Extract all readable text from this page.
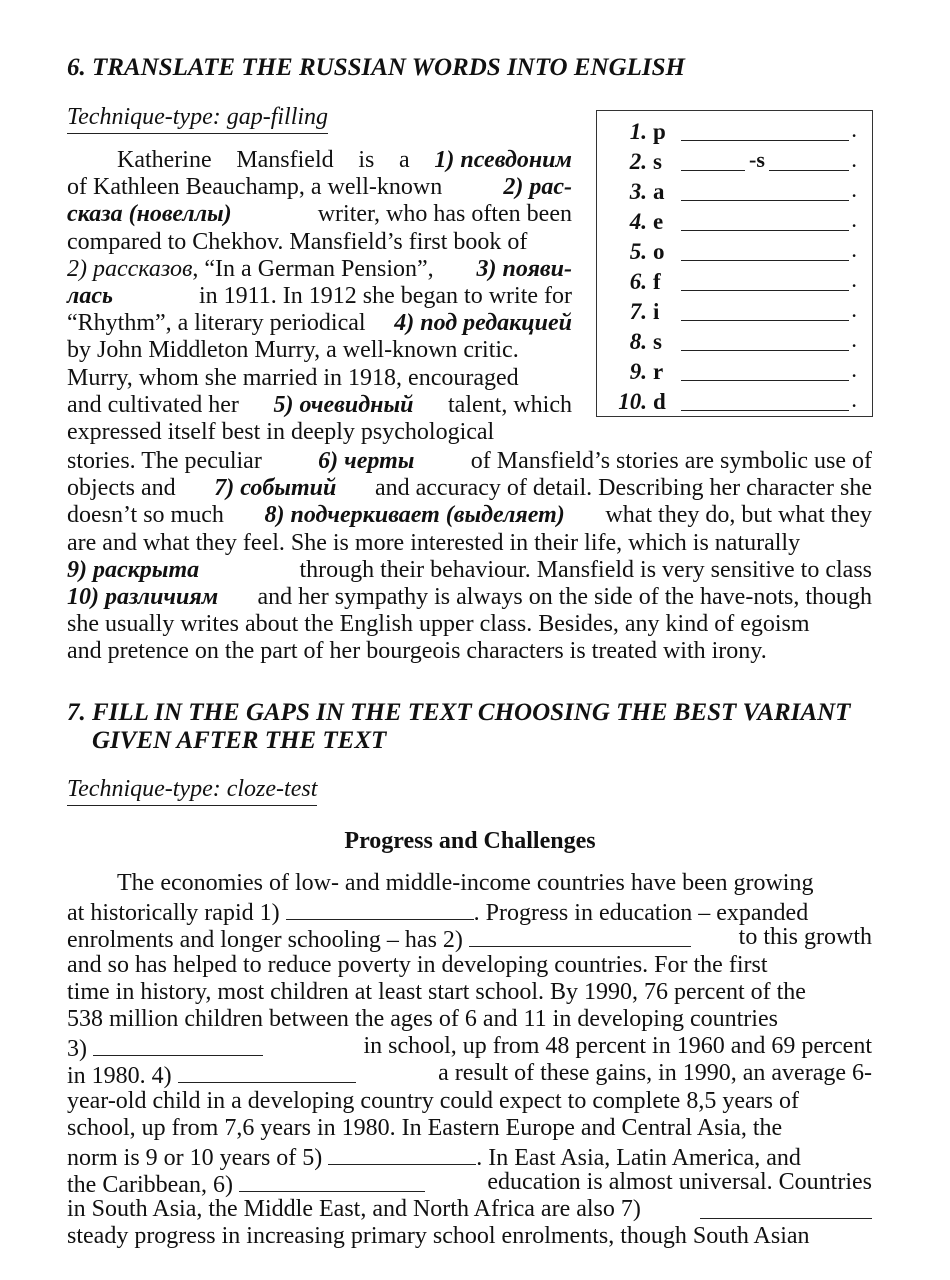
6. TRANSLATE THE RUSSIAN WORDS INTO ENGLISH
Technique-type: gap-filling
1. p	.
2. s	-s	.
3. a	.
4. e	.
5. o	.
6. f	.
7. i	.
8. s	.
9. r	.
10. d	.
Katherine Mansfield is a 1) псевдоним
of Kathleen Beauchamp, a well-known	2) рас-
сказа (новеллы)	writer, who has often been
compared to Chekhov. Mansfield’s first book of
2) рассказов, “In a German Pension”, 3) появи-
лась	in 1911. In 1912 she began to write for
“Rhythm”, a literary periodical 4) под редакцией
by John Middleton Murry, a well-known critic.
Murry, whom she married in 1918, encouraged
and cultivated her 5) очевидный talent, which
expressed itself best in deeply psychological
stories. The peculiar 6) черты of Mansfield’s stories are symbolic use of
objects and 7) событий and accuracy of detail. Describing her character she
doesn’t so much 8) подчеркивает (выделяет) what they do, but what they
are and what they feel. She is more interested in their life, which is naturally
9) раскрыта	through their behaviour. Mansfield is very sensitive to class
10) различиям and her sympathy is always on the side of the have-nots, though
she usually writes about the English upper class. Besides, any kind of egoism
and pretence on the part of her bourgeois characters is treated with irony.
7. FILL IN THE GAPS IN THE TEXT CHOOSING THE BEST VARIANT
GIVEN AFTER THE TEXT
Technique-type: cloze-test
Progress and Challenges
The economies of low- and middle-income countries have been growing
at historically rapid 1)	. Progress in education – expanded
enrolments and longer schooling – has 2)	to this growth
and so has helped to reduce poverty in developing countries. For the first
time in history, most children at least start school. By 1990, 76 percent of the
538 million children between the ages of 6 and 11 in developing countries
3)	in school, up from 48 percent in 1960 and 69 percent
in 1980. 4)	a result of these gains, in 1990, an average 6-
year-old child in a developing country could expect to complete 8,5 years of
school, up from 7,6 years in 1980. In Eastern Europe and Central Asia, the
norm is 9 or 10 years of 5)	. In East Asia, Latin America, and
the Caribbean, 6)	education is almost universal. Countries
in South Asia, the Middle East, and North Africa are also 7)
steady progress in increasing primary school enrolments, though South Asian
